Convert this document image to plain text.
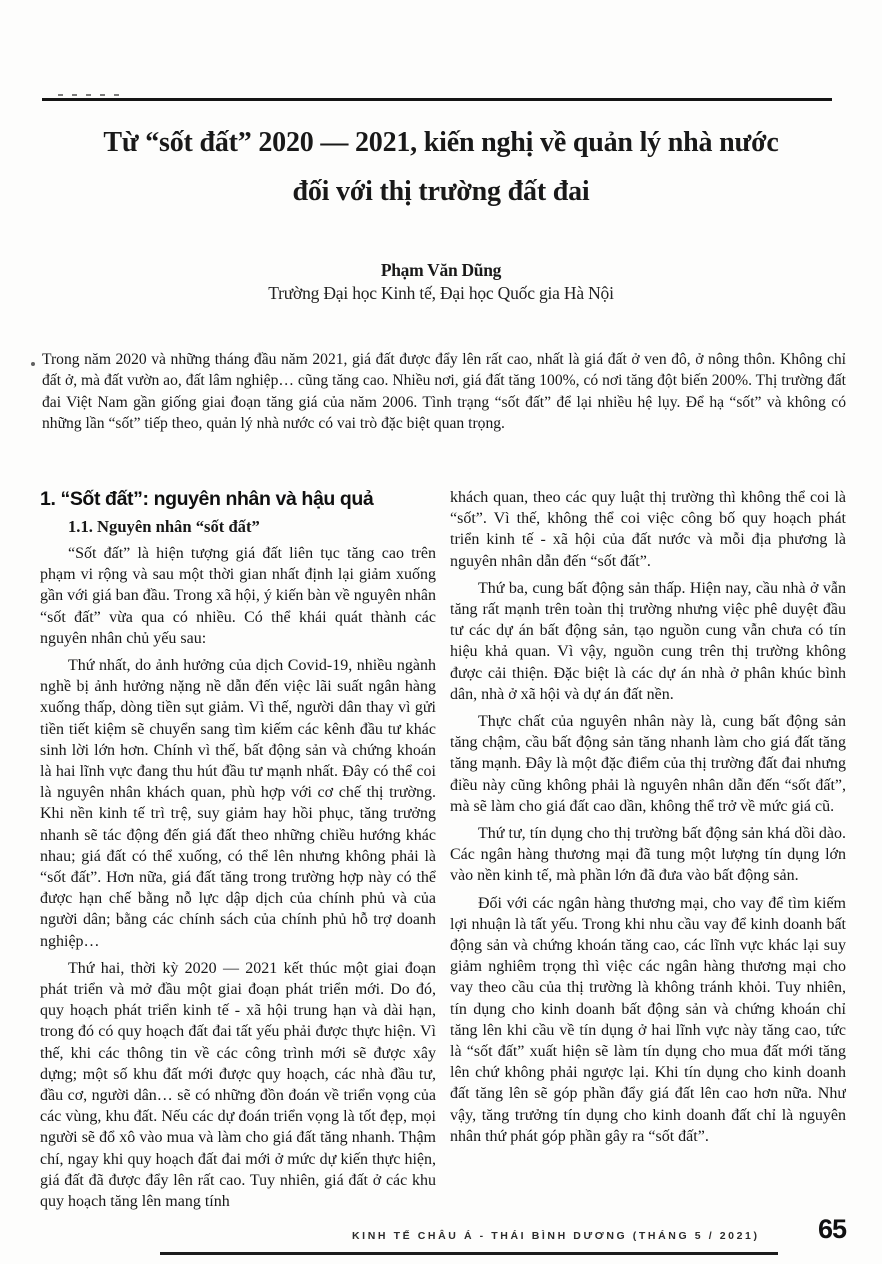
Từ “sốt đất” 2020 — 2021, kiến nghị về quản lý nhà nước
đối với thị trường đất đai
Phạm Văn Dũng
Trường Đại học Kinh tế, Đại học Quốc gia Hà Nội
Trong năm 2020 và những tháng đầu năm 2021, giá đất được đẩy lên rất cao, nhất là giá đất ở ven đô, ở nông thôn. Không chỉ đất ở, mà đất vườn ao, đất lâm nghiệp… cũng tăng cao. Nhiều nơi, giá đất tăng 100%, có nơi tăng đột biến 200%. Thị trường đất đai Việt Nam gần giống giai đoạn tăng giá của năm 2006. Tình trạng “sốt đất” để lại nhiều hệ lụy. Để hạ “sốt” và không có những lần “sốt” tiếp theo, quản lý nhà nước có vai trò đặc biệt quan trọng.
1. “Sốt đất”: nguyên nhân và hậu quả
1.1. Nguyên nhân “sốt đất”

“Sốt đất” là hiện tượng giá đất liên tục tăng cao trên phạm vi rộng và sau một thời gian nhất định lại giảm xuống gần với giá ban đầu. Trong xã hội, ý kiến bàn về nguyên nhân “sốt đất” vừa qua có nhiều. Có thể khái quát thành các nguyên nhân chủ yếu sau:

Thứ nhất, do ảnh hưởng của dịch Covid-19, nhiều ngành nghề bị ảnh hưởng nặng nề dẫn đến việc lãi suất ngân hàng xuống thấp, dòng tiền sụt giảm. Vì thế, người dân thay vì gửi tiền tiết kiệm sẽ chuyển sang tìm kiếm các kênh đầu tư khác sinh lời lớn hơn. Chính vì thế, bất động sản và chứng khoán là hai lĩnh vực đang thu hút đầu tư mạnh nhất. Đây có thể coi là nguyên nhân khách quan, phù hợp với cơ chế thị trường. Khi nền kinh tế trì trệ, suy giảm hay hồi phục, tăng trưởng nhanh sẽ tác động đến giá đất theo những chiều hướng khác nhau; giá đất có thể xuống, có thể lên nhưng không phải là “sốt đất”. Hơn nữa, giá đất tăng trong trường hợp này có thể được hạn chế bằng nỗ lực dập dịch của chính phủ và của người dân; bằng các chính sách của chính phủ hỗ trợ doanh nghiệp…

Thứ hai, thời kỳ 2020 — 2021 kết thúc một giai đoạn phát triển và mở đầu một giai đoạn phát triển mới. Do đó, quy hoạch phát triển kinh tế - xã hội trung hạn và dài hạn, trong đó có quy hoạch đất đai tất yếu phải được thực hiện. Vì thế, khi các thông tin về các công trình mới sẽ được xây dựng; một số khu đất mới được quy hoạch, các nhà đầu tư, đầu cơ, người dân… sẽ có những đồn đoán về triển vọng của các vùng, khu đất. Nếu các dự đoán triển vọng là tốt đẹp, mọi người sẽ đổ xô vào mua và làm cho giá đất tăng nhanh. Thậm chí, ngay khi quy hoạch đất đai mới ở mức dự kiến thực hiện, giá đất đã được đẩy lên rất cao. Tuy nhiên, giá đất ở các khu quy hoạch tăng lên mang tính

khách quan, theo các quy luật thị trường thì không thể coi là “sốt”. Vì thế, không thể coi việc công bố quy hoạch phát triển kinh tế - xã hội của đất nước và mỗi địa phương là nguyên nhân dẫn đến “sốt đất”.

Thứ ba, cung bất động sản thấp. Hiện nay, cầu nhà ở vẫn tăng rất mạnh trên toàn thị trường nhưng việc phê duyệt đầu tư các dự án bất động sản, tạo nguồn cung vẫn chưa có tín hiệu khả quan. Vì vậy, nguồn cung trên thị trường không được cải thiện. Đặc biệt là các dự án nhà ở phân khúc bình dân, nhà ở xã hội và dự án đất nền.

Thực chất của nguyên nhân này là, cung bất động sản tăng chậm, cầu bất động sản tăng nhanh làm cho giá đất tăng tăng mạnh. Đây là một đặc điểm của thị trường đất đai nhưng điều này cũng không phải là nguyên nhân dẫn đến “sốt đất”, mà sẽ làm cho giá đất cao dần, không thể trở về mức giá cũ.

Thứ tư, tín dụng cho thị trường bất động sản khá dồi dào. Các ngân hàng thương mại đã tung một lượng tín dụng lớn vào nền kinh tế, mà phần lớn đã đưa vào bất động sản.

Đối với các ngân hàng thương mại, cho vay để tìm kiếm lợi nhuận là tất yếu. Trong khi nhu cầu vay để kinh doanh bất động sản và chứng khoán tăng cao, các lĩnh vực khác lại suy giảm nghiêm trọng thì việc các ngân hàng thương mại cho vay theo cầu của thị trường là không tránh khỏi. Tuy nhiên, tín dụng cho kinh doanh bất động sản và chứng khoán chỉ tăng lên khi cầu về tín dụng ở hai lĩnh vực này tăng cao, tức là “sốt đất” xuất hiện sẽ làm tín dụng cho mua đất mới tăng lên chứ không phải ngược lại. Khi tín dụng cho kinh doanh đất tăng lên sẽ góp phần đẩy giá đất lên cao hơn nữa. Như vậy, tăng trưởng tín dụng cho kinh doanh đất chỉ là nguyên nhân thứ phát góp phần gây ra “sốt đất”.

KINH TẾ CHÂU Á - THÁI BÌNH DƯƠNG (THÁNG 5 / 2021) 65
